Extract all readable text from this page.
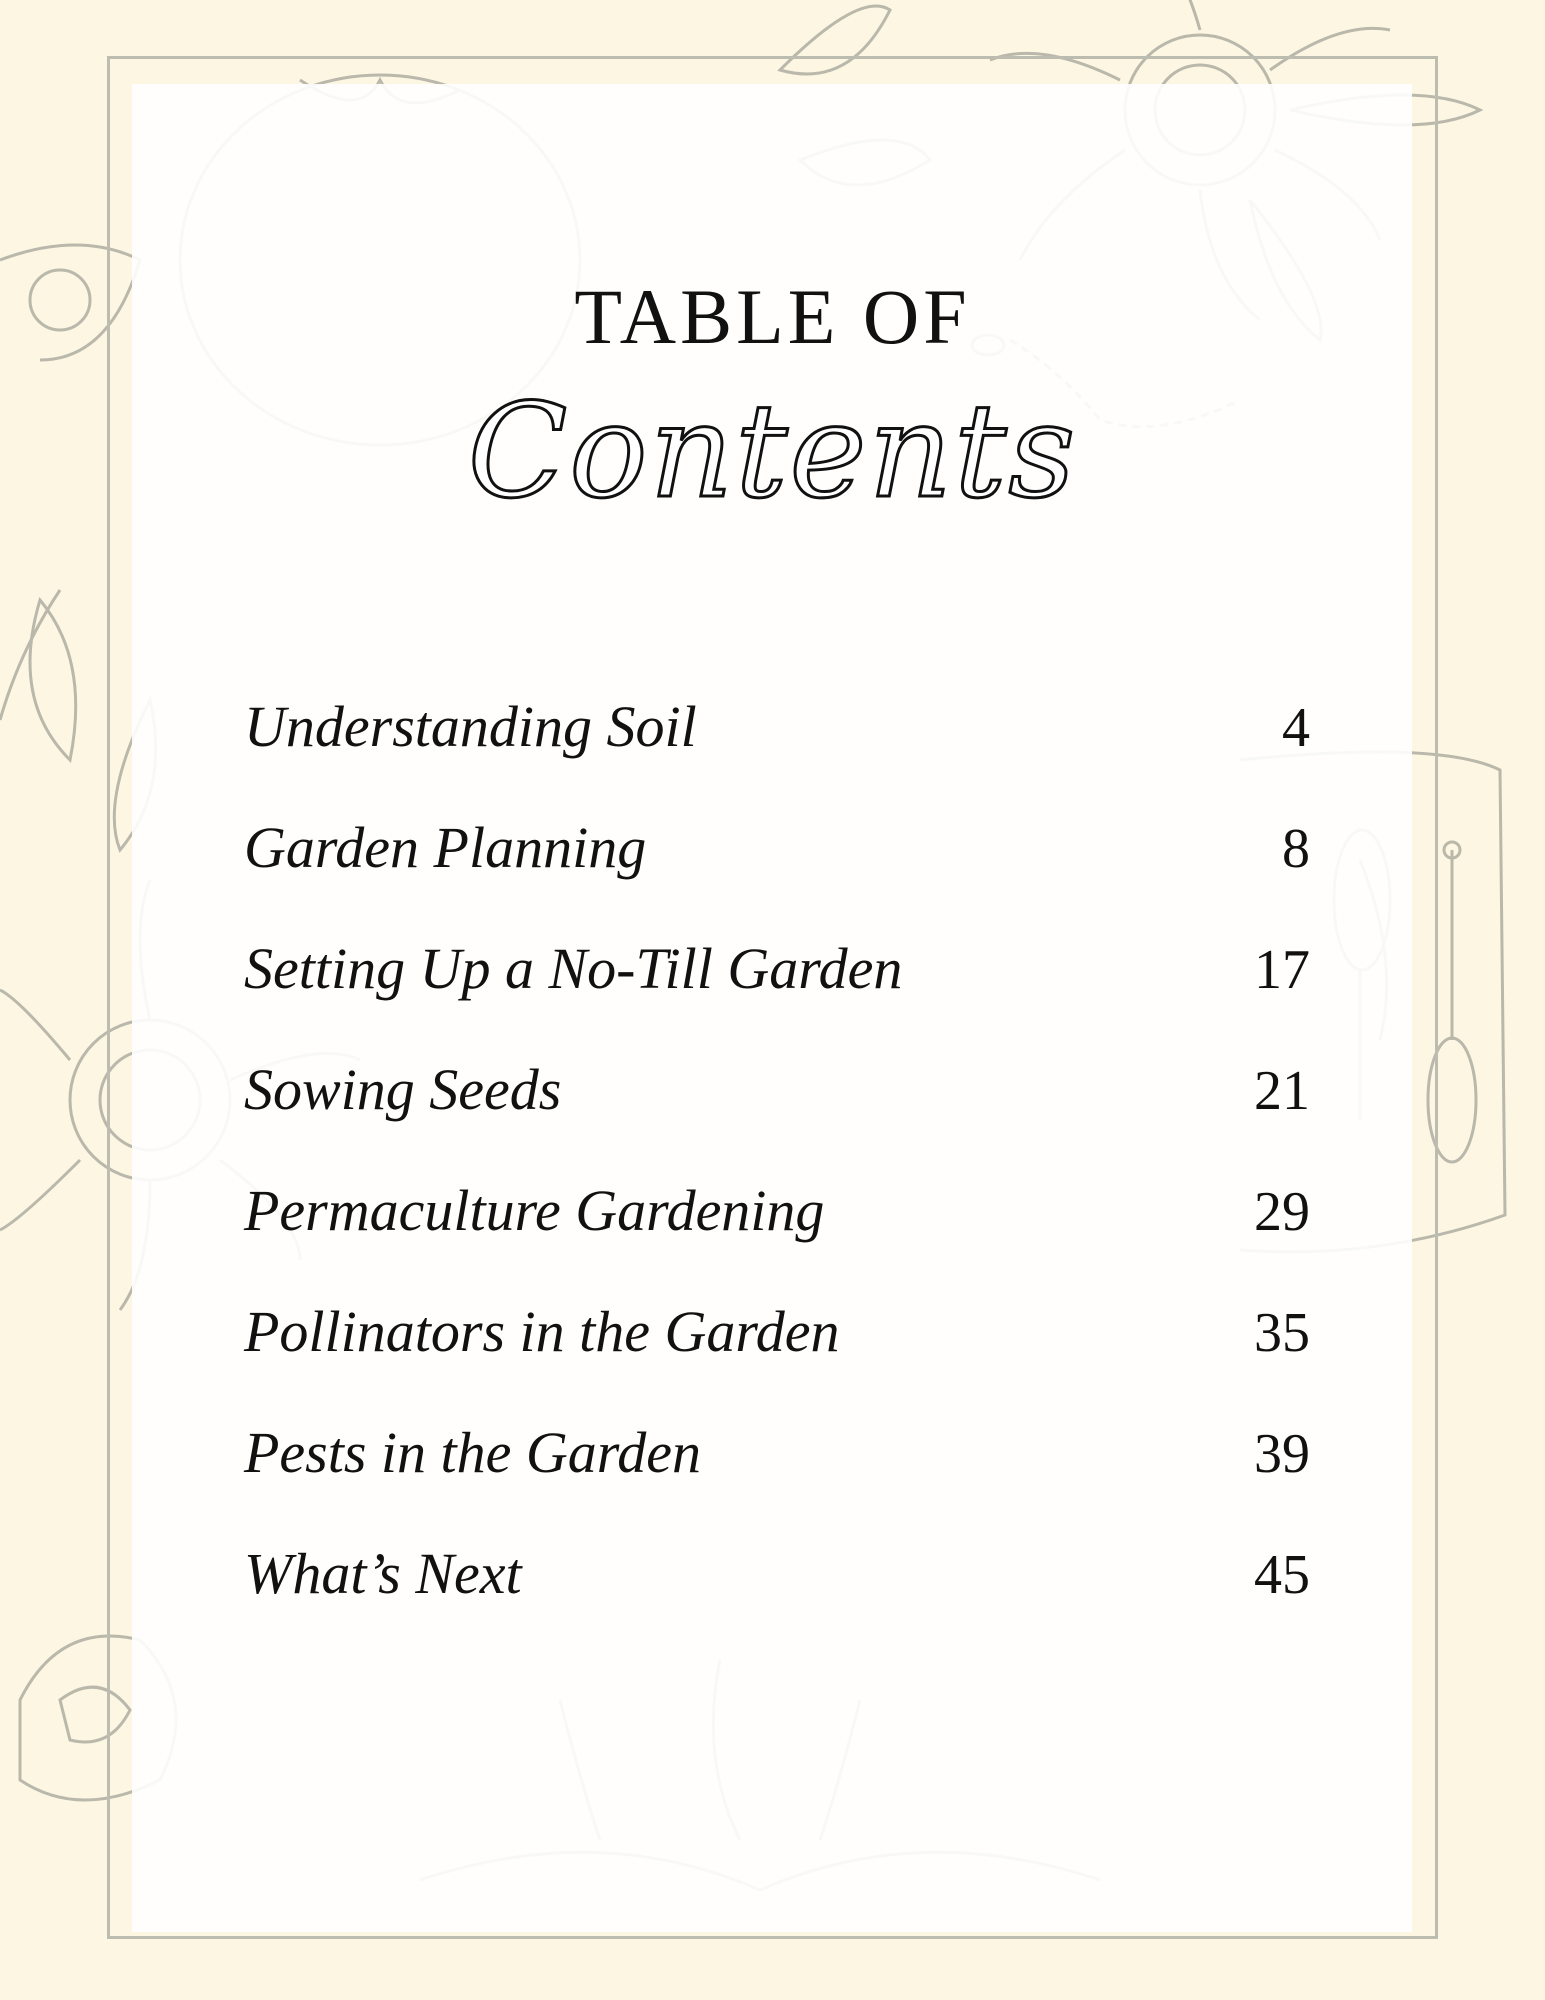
TABLE OF
Contents
Understanding Soil	4
Garden Planning	8
Setting Up a No-Till Garden	17
Sowing Seeds	21
Permaculture Gardening	29
Pollinators in the Garden	35
Pests in the Garden	39
What’s Next	45
